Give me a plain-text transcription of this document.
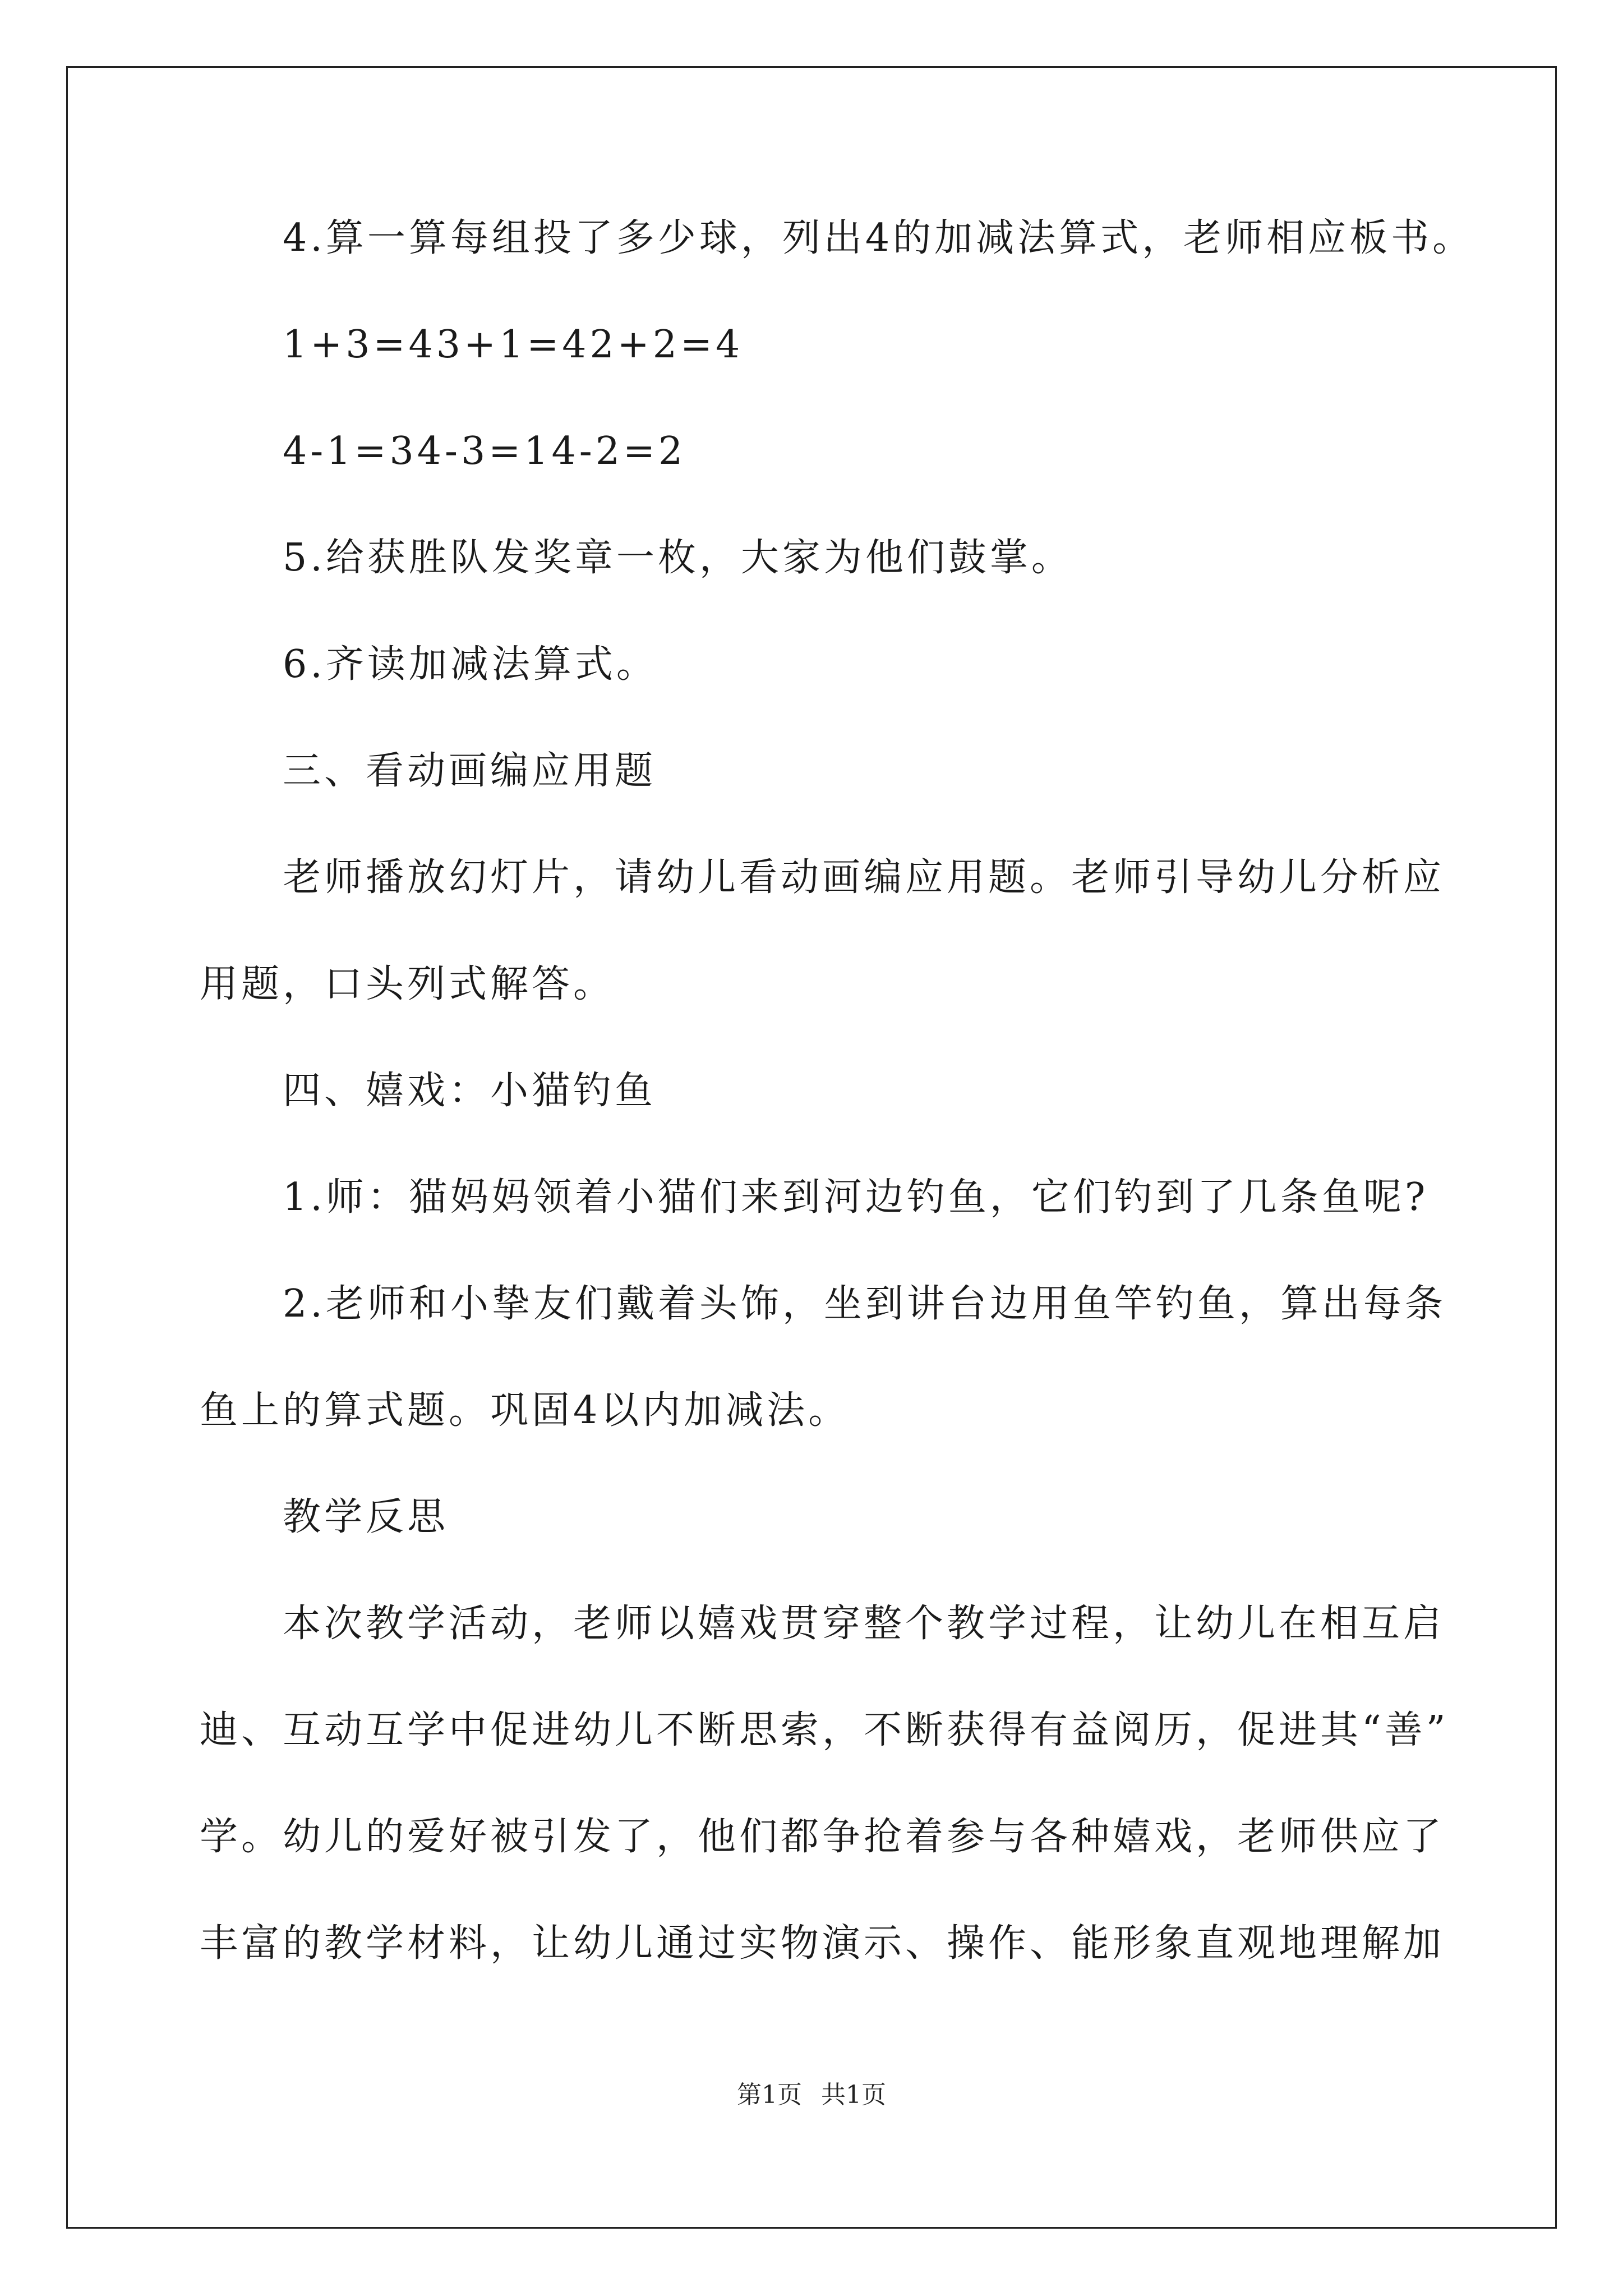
4.算一算每组投了多少球，列出4的加减法算式，老师相应板书。
1+3=43+1=42+2=4
4-1=34-3=14-2=2
5.给获胜队发奖章一枚，大家为他们鼓掌。
6.齐读加减法算式。
三、看动画编应用题
老师播放幻灯片，请幼儿看动画编应用题。老师引导幼儿分析应
用题，口头列式解答。
四、嬉戏：小猫钓鱼
1.师：猫妈妈领着小猫们来到河边钓鱼，它们钓到了几条鱼呢?
2.老师和小挚友们戴着头饰，坐到讲台边用鱼竿钓鱼，算出每条
鱼上的算式题。巩固4以内加减法。
教学反思
本次教学活动，老师以嬉戏贯穿整个教学过程，让幼儿在相互启
迪、互动互学中促进幼儿不断思索，不断获得有益阅历，促进其“善”
学。幼儿的爱好被引发了，他们都争抢着参与各种嬉戏，老师供应了
丰富的教学材料，让幼儿通过实物演示、操作、能形象直观地理解加
第1页 共1页
